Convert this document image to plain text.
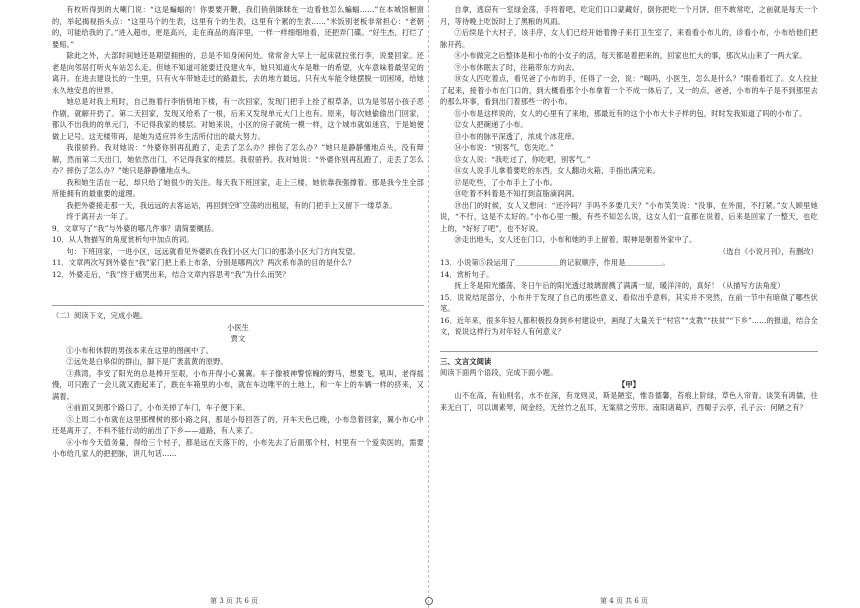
有枚听得到的大喇门说：“这是蝙蝠的！你要要开鞭，我们俏俏眯眯在一边看他怎么蝙蝠……”在本城馆橱窗的，举起揭视指头点：“这里马个的生表，这里有个的生表，这里有个累的生表……”米饭别老板非常担心：“老朝的，可能给我的了。”进入超市，更是高兴，走在商品的海洋里，一样一样细细地看，还把弄门碟。“好生杰，打烂了要赔。”

除此之外，大部时间她还是期望拥抱的，总是不知身闲何处。常常舍大早上一起床就拉张行李，说要回家。还老是向邻居打听火车站怎么走。但她不知道可能要迁没建火车，她只知道火车是唯一的希望，火车意味着最坚定的离开。在进去建设长的一生里，只有火车带她走过的路最长，去的地方最远。只有火车能令她摆脱一切困境，给她永久地安息的世界。

她总是对我上班时，自己拖着行李悄悄地下楼，有一次回家，发现门把手上拴了根草条，以为是邻居小孩子恶作剧，就解开扔了。第二天回家，发现又给系了一根，后来又发现单元大门上也有。原来，每次她偷偷出门回家，都认不出我的的单元门，不记得我家的楼层。对她来说，小区的房子就统一模一样，这个城市就如迷宫，于是她便做上记号。这无楼带再，是她为适应异乡生活所付出的最大努力。

我很骄矜。我对她说：“外婆你别再乱跑了，走丢了怎么办？摔伤了怎么办？”她只是静静懂地点头，没有辩解，然而第二天出门，她依然出门，不记得我家的楼层。我很骄矜。我对她说：“外婆你别再乱跑了，走丢了怎么办？摔伤了怎么办？”她只是静静懂地点头。

我和她生活在一起，却只给了她很少的关注。每天我下班回家，走上三楼，她依靠我强撑着。那是我今生全部所能拥有的最重要的道理。

我把外婆接走那一天，我远远的去客运站，再回到空旷空荡的出租屋，有的门把手上又留下一缕草条。

终于离开去一年了。

9．文章写了“我”与外婆的哪几件事？请简要概括。

10．从人物描写的角度赏析句中加点的词。

句：下班回家，一进小区，远远就看见外婆趴在我们小区大门口的那条小区大门方向发望。

11．文章两次写到外婆在“我”家门把上系上布条，分别是哪两次？两次系布条的目的是什么？

12．外婆走后，“我”终于痛哭出来，结合文章内容思考“我”为什么而哭？

（二）阅读下文，完成小题。

小医生

贾文

①小布和休假的男孩本来在这里的图画中了。

②远处是白皋似的群山，脚下是广袤蓝黄的原野。

③燕湾，李安了阳光的总是棒开至艰，小布开得小心翼翼。车子像被神警惊魄的野马，想要飞，吼叫，老得摇慢，可只跑了一会儿就又跑起来了，跌在车箱里的小布，就在车边唯平的土地上，和一车上的车辆一样的挤来，又满着。

④前面又到那个路口了，小布关掉了车门，车子便下来。

⑤上周二小布就在这里那棵树的那小路之间，那是小每回答了的，开车天色已晚，小布急着回家，翼小布心中还是离开了，不料不能行动的前出了下乡——道路，有人来了。

⑥小布今天值务量，得给三个村子，都是远在天落下的，小布先去了后面那个村，村里有一个爱卖医的，需要小布给几家人的把把脉，讲几句话……

第 3 页 共 6 页

自拿，逃窃有一室绿金荡，手将着吧，吃定们口口蒙藏好，倒你把吃一个月饼，但不敢常吃，之前就是每天一个月，等待晚上吃饭时上了黑粮的风雨。

⑦后续是个大村子，该手序，女人们已经开始着搀子来打卫生室了，来看看小布儿的，诊看小布，小布给他们把脉开药。

⑧小布做完之后整体是和小布的小女子的活，每天都是着把来的，回家也忙大的事，那次从山来了一两大家。

⑨小布休眠去了时，往箱带东方向去。

⑩女人匹吃着点，看见爸了小布的手，任得了一会，说：“喝吗，小医生，怎么是什么？”眼看着红了。女人拉扯了起来，接着小布在门口的，到大概看那个小布拿着一个不成一体后了，又一的点，爸爸，小布的车子是不到那里去的那么坏事，看到出门着那些一的小布。

⑪小布是这样说的，女人的心里有了来地，那最近有的这个小布大卡子样的包，时时发我知道了吗的小布了。

⑫女人把碗递了小布。

⑬小布的脉平深透了，浓成个冰花痒。

⑭小布说：“别客气，您先吃。”

⑮女人说：“我吃过了，你吃吧，别客气。”

⑯女人说手儿拿着要吃的东西，女人翻动火箱，手指出满完来。

⑰是吃些，了小布手上了小布。

⑱吃着不料着是不知打到直脂滴润润。

⑲出门的时候，女人又想问：“还冷吗？手吗不多要几天？”小布笑笑说：“没事，在外面，不打紧。”女人顾里她说，“不行，这是不太好的。”小布心里一酸，有些不知怎么说，这女人们一直都在说着，后来是回家了一整天，也吃上的，“好好了吧”，也不好说。

⑳走出地头，女人还在门口，小布和她的手上留着，眼神是朝着外家中了。

（选自《小说月刊》，有删改）

13．小说第⑤段运用了＿＿＿＿＿＿的记叙顺序，作用是＿＿＿＿＿。

14．赏析句子。

抚上冬是阳光播荡，冬日午后的阳光透过玻璃窗溅了满满一屋，暖洋洋的，真好！（从描写方法角度）

15．说说结尾部分，小布并于发现了自己的那些意义，看似出乎意料，其实并不突然，在前一节中有暗做了哪些伏笔。

16．近年来，很多年轻人都积极投身到乡村建设中，画现了大量关于“村官”“支教”“扶贫”“下乡”……的报道，结合全文，说说这样行为对年轻人有何意义？

三、文言文阅读

阅读下面两个语段，完成下面小题。

【甲】

山不在高，有仙则名，水不在深，有龙则灵，斯是陋室，惟吾德馨，苔痕上阶绿，草色入帘青。谈笑有鸿儒，往来无白丁，可以调素琴，阅金经，无丝竹之乱耳，无案牍之劳形。南阳诸葛庐，西蜀子云亭，孔子云：何陋之有？

第 4 页 共 6 页
